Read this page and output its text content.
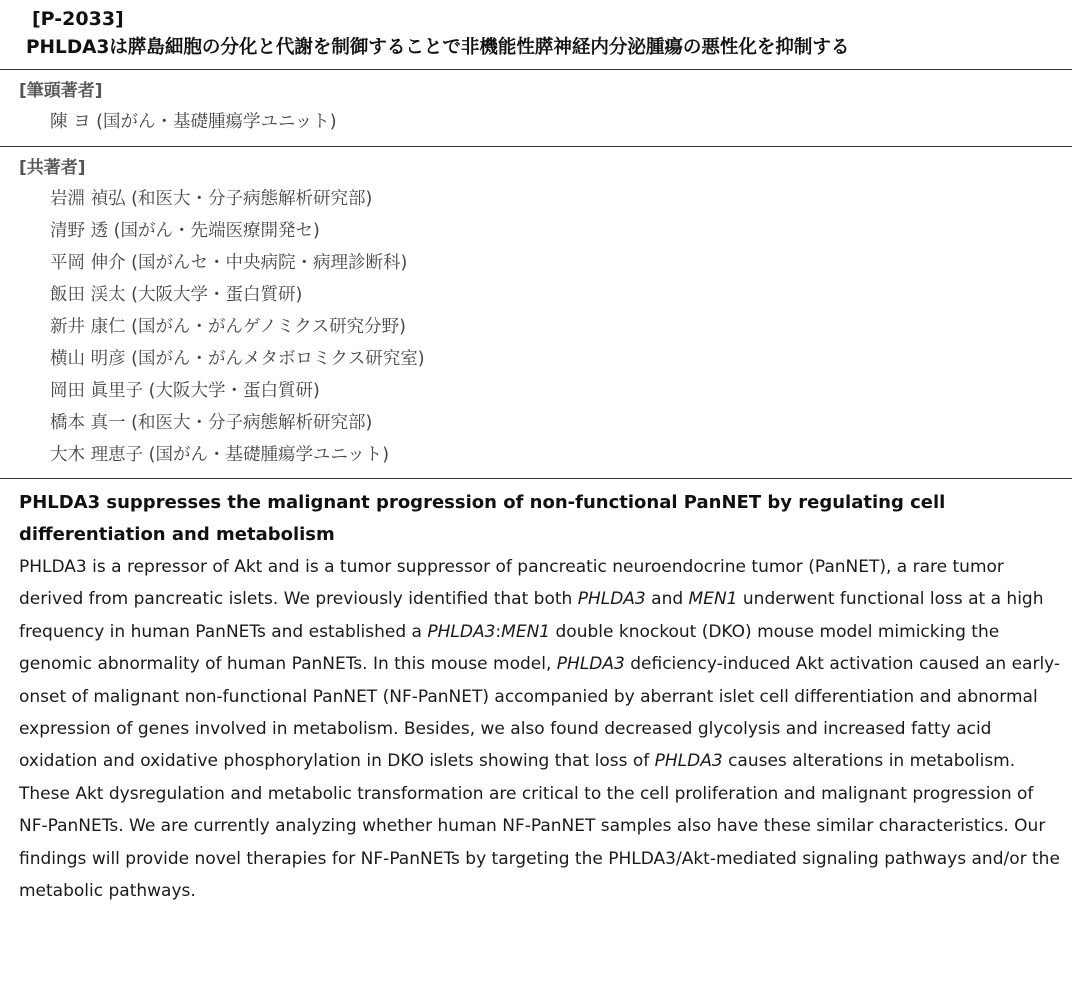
[P-2033]
PHLDA3は膵島細胞の分化と代謝を制御することで非機能性膵神経内分泌腫瘍の悪性化を抑制する
[筆頭著者]
陳 ヨ (国がん・基礎腫瘍学ユニット)
[共著者]
岩淵 禎弘 (和医大・分子病態解析研究部)
清野 透 (国がん・先端医療開発セ)
平岡 伸介 (国がんセ・中央病院・病理診断科)
飯田 渓太 (大阪大学・蛋白質研)
新井 康仁 (国がん・がんゲノミクス研究分野)
横山 明彦 (国がん・がんメタボロミクス研究室)
岡田 眞里子 (大阪大学・蛋白質研)
橋本 真一 (和医大・分子病態解析研究部)
大木 理恵子 (国がん・基礎腫瘍学ユニット)
PHLDA3 suppresses the malignant progression of non-functional PanNET by regulating cell differentiation and metabolism

PHLDA3 is a repressor of Akt and is a tumor suppressor of pancreatic neuroendocrine tumor (PanNET), a rare tumor derived from pancreatic islets. We previously identified that both PHLDA3 and MEN1 underwent functional loss at a high frequency in human PanNETs and established a PHLDA3:MEN1 double knockout (DKO) mouse model mimicking the genomic abnormality of human PanNETs. In this mouse model, PHLDA3 deficiency-induced Akt activation caused an early-onset of malignant non-functional PanNET (NF-PanNET) accompanied by aberrant islet cell differentiation and abnormal expression of genes involved in metabolism. Besides, we also found decreased glycolysis and increased fatty acid oxidation and oxidative phosphorylation in DKO islets showing that loss of PHLDA3 causes alterations in metabolism. These Akt dysregulation and metabolic transformation are critical to the cell proliferation and malignant progression of NF-PanNETs. We are currently analyzing whether human NF-PanNET samples also have these similar characteristics. Our findings will provide novel therapies for NF-PanNETs by targeting the PHLDA3/Akt-mediated signaling pathways and/or the metabolic pathways.
